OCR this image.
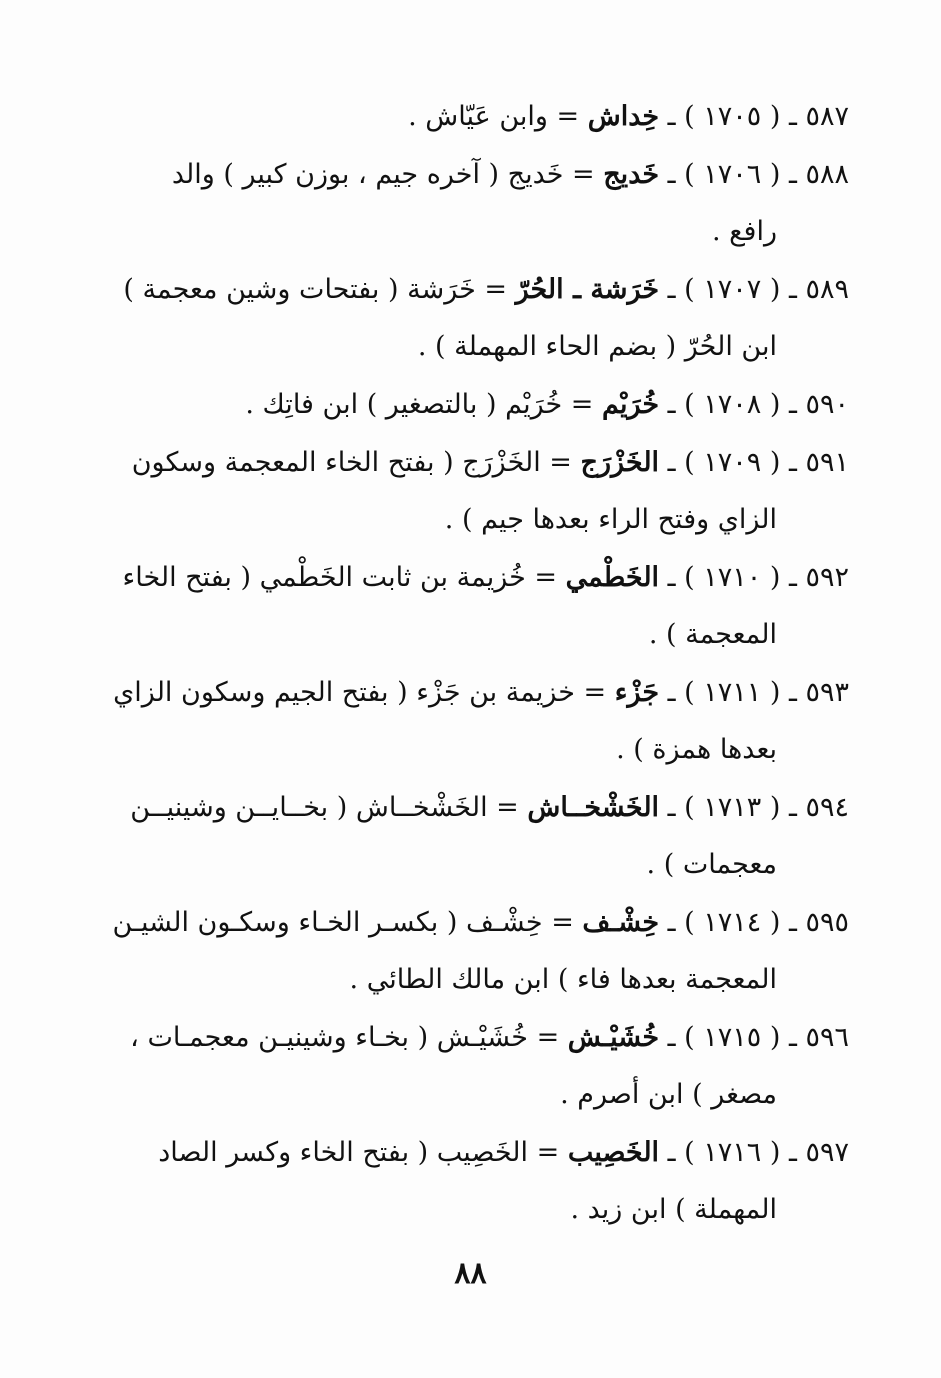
٥٨٧ ـ ( ١٧٠٥ ) ـ خِداش = وابن عَيّاش .
٥٨٨ ـ ( ١٧٠٦ ) ـ خَديج = خَديج ( آخره جيم ، بوزن كبير ) والد
رافع .
٥٨٩ ـ ( ١٧٠٧ ) ـ خَرَشة ـ الحُرّ = خَرَشة ( بفتحات وشين معجمة )
ابن الحُرّ ( بضم الحاء المهملة ) .
٥٩٠ ـ ( ١٧٠٨ ) ـ خُرَيْم = خُرَيْم ( بالتصغير ) ابن فاتِك .
٥٩١ ـ ( ١٧٠٩ ) ـ الخَزْرَج = الخَزْرَج ( بفتح الخاء المعجمة وسكون
الزاي وفتح الراء بعدها جيم ) .
٥٩٢ ـ ( ١٧١٠ ) ـ الخَطْمي = خُزيمة بن ثابت الخَطْمي ( بفتح الخاء
المعجمة ) .
٥٩٣ ـ ( ١٧١١ ) ـ جَزْء = خزيمة بن جَزْء ( بفتح الجيم وسكون الزاي
بعدها همزة ) .
٥٩٤ ـ ( ١٧١٣ ) ـ الخَشْخــاش = الخَشْخــاش ( بخــايــن وشينيــن
معجمات ) .
٥٩٥ ـ ( ١٧١٤ ) ـ خِشْـف = خِشْـف ( بكسـر الخـاء وسكـون الشيـن
المعجمة بعدها فاء ) ابن مالك الطائي .
٥٩٦ ـ ( ١٧١٥ ) ـ خُشَيْـش = خُشَيْـش ( بخـاء وشينيـن معجمـات ،
مصغر ) ابن أصرم .
٥٩٧ ـ ( ١٧١٦ ) ـ الخَصِيب = الخَصِيب ( بفتح الخاء وكسر الصاد
المهملة ) ابن زيد .
٨٨
